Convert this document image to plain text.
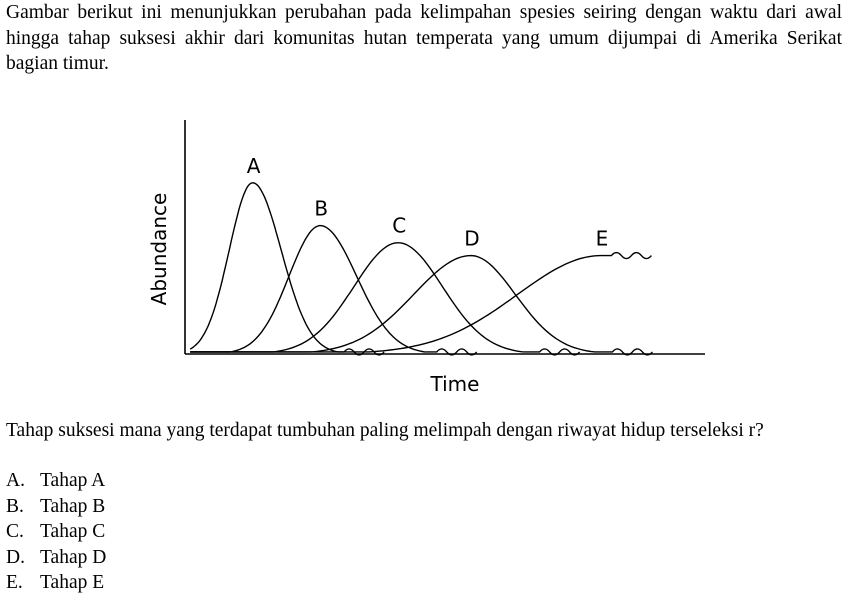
Gambar berikut ini menunjukkan perubahan pada kelimpahan spesies seiring dengan waktu dari awal hingga tahap suksesi akhir dari komunitas hutan temperata yang umum dijumpai di Amerika Serikat bagian timur.

Time
Abundance
A
B
C
D	E

Tahap suksesi mana yang terdapat tumbuhan paling melimpah dengan riwayat hidup terseleksi r?

A. Tahap A
B. Tahap B
C. Tahap C
D. Tahap D
E. Tahap E
